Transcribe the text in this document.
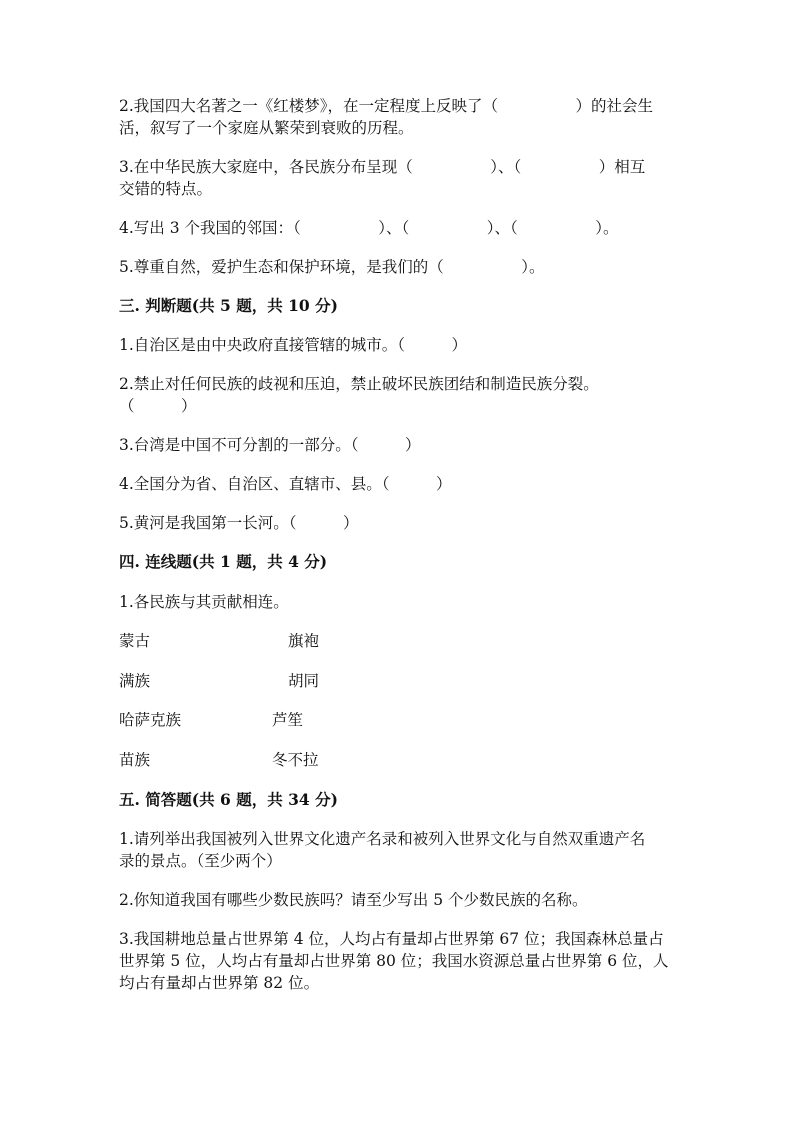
2.我国四大名著之一《红楼梦》，在一定程度上反映了（　　　　　）的社会生

活，叙写了一个家庭从繁荣到衰败的历程。

3.在中华民族大家庭中，各民族分布呈现（　　　　　）、（　　　　　）相互

交错的特点。

4.写出 3 个我国的邻国：（　　　　　）、（　　　　　）、（　　　　　）。

5.尊重自然，爱护生态和保护环境，是我们的（　　　　　）。

三. 判断题(共 5 题，共 10 分)

1.自治区是由中央政府直接管辖的城市。（　　　）

2.禁止对任何民族的歧视和压迫，禁止破坏民族团结和制造民族分裂。

（　　　）

3.台湾是中国不可分割的一部分。（　　　）

4.全国分为省、自治区、直辖市、县。（　　　）

5.黄河是我国第一长河。（　　　）

四. 连线题(共 1 题，共 4 分)

1.各民族与其贡献相连。

蒙古	旗袍
满族	胡同
哈萨克族	芦笙
苗族	冬不拉

五. 简答题(共 6 题，共 34 分)

1.请列举出我国被列入世界文化遗产名录和被列入世界文化与自然双重遗产名

录的景点。（至少两个）

2.你知道我国有哪些少数民族吗？请至少写出 5 个少数民族的名称。

3.我国耕地总量占世界第 4 位，人均占有量却占世界第 67 位；我国森林总量占

世界第 5 位，人均占有量却占世界第 80 位；我国水资源总量占世界第 6 位，人

均占有量却占世界第 82 位。
